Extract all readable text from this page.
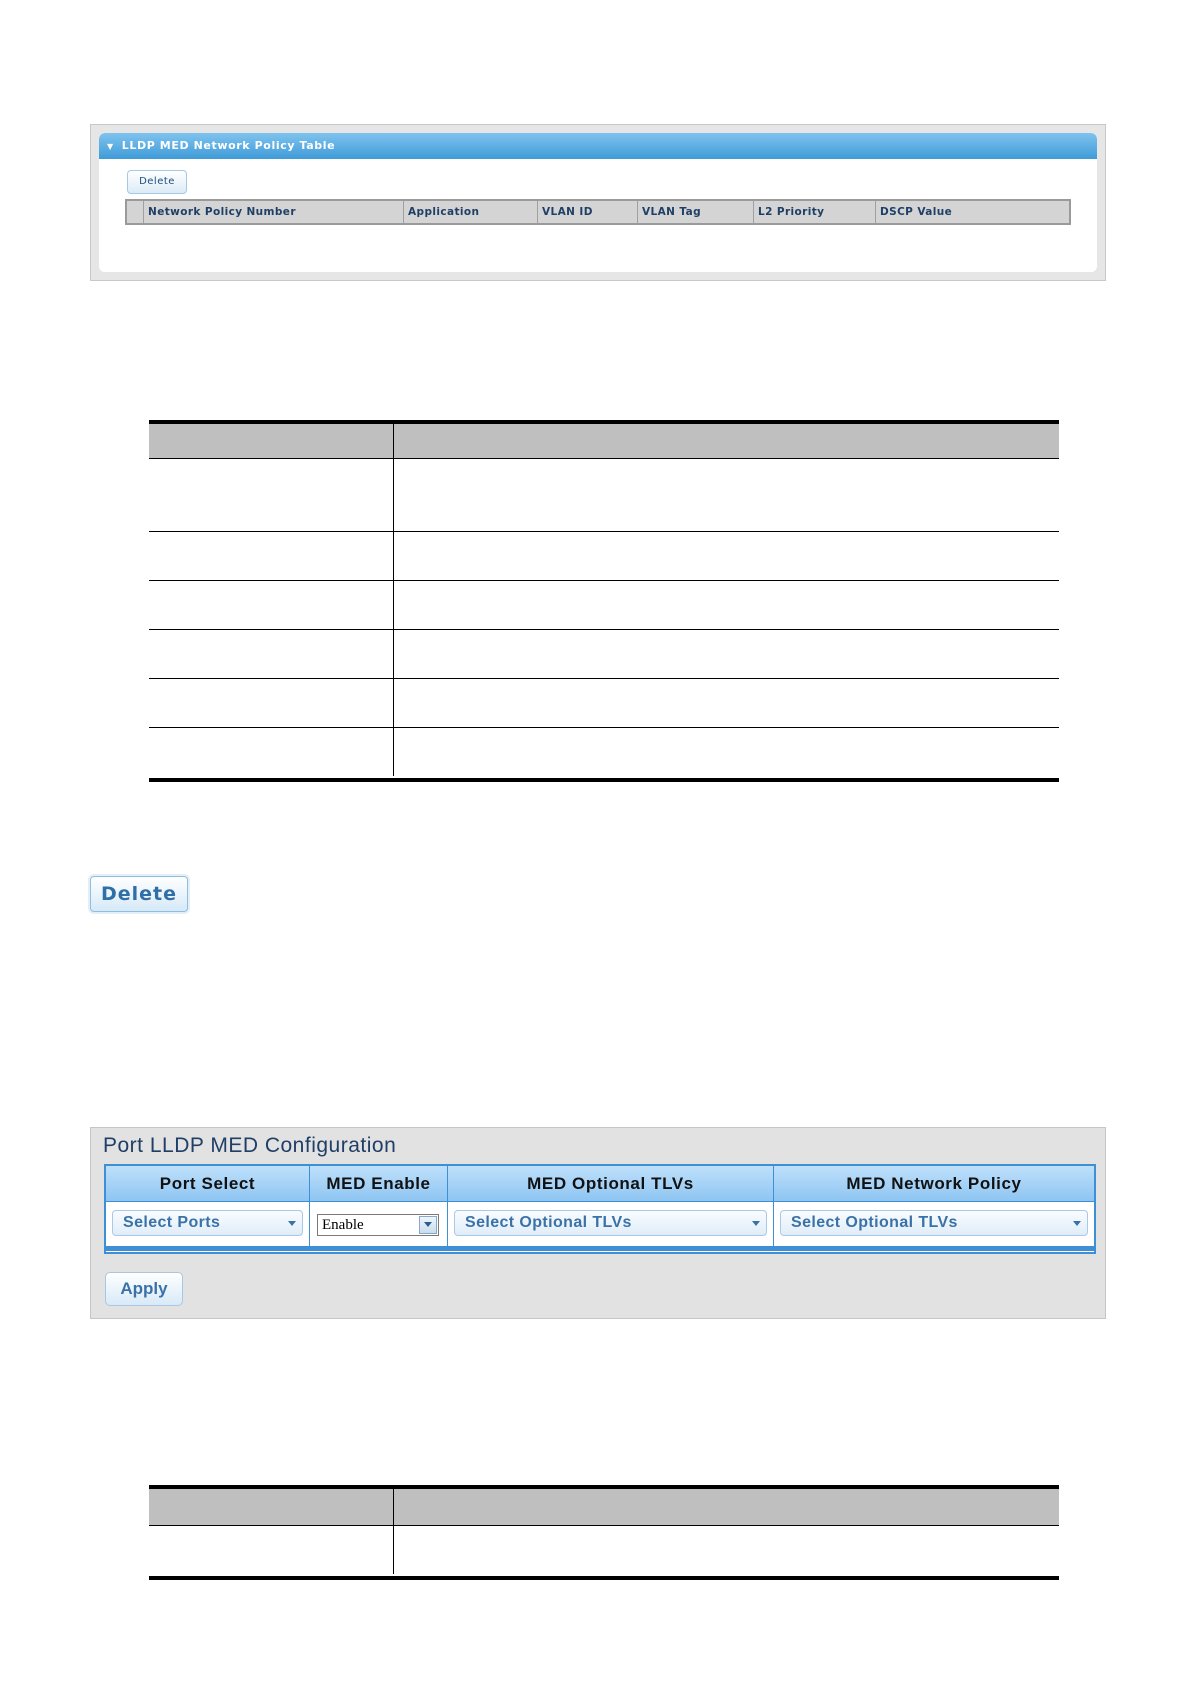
▼ LLDP MED Network Policy Table
Delete
Network Policy Number	Application	VLAN ID	VLAN Tag	L2 Priority	DSCP Value
Delete
Port LLDP MED Configuration
Port Select	MED Enable	MED Optional TLVs	MED Network Policy
Select Ports	Enable	Select Optional TLVs	Select Optional TLVs
Apply
